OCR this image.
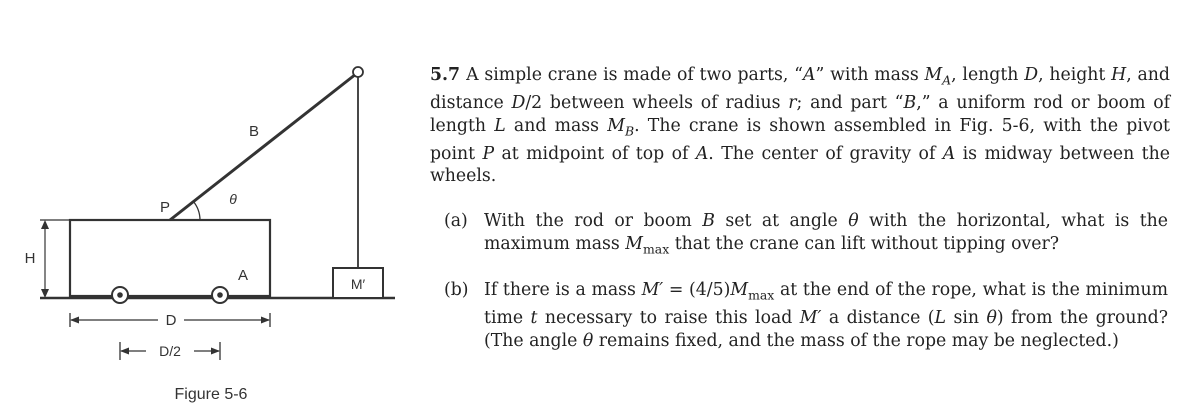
H
P
B
θ
A	M′
D
D/2
Figure 5-6
5.7 A simple crane is made of two parts, “A” with mass $M_A$, length D, height H, and distance D/2 between wheels of radius r; and part “B,” a uniform rod or boom of length L and mass $M_B$. The crane is shown assembled in Fig. 5-6, with the pivot point P at midpoint of top of A. The center of gravity of A is midway between the wheels.
(a) With the rod or boom B set at angle θ with the horizontal, what is the maximum mass $M_{max}$ that the crane can lift without tipping over?
(b) If there is a mass $M' = (4/5)M_{max}$ at the end of the rope, what is the minimum time t necessary to raise this load M′ a distance (L sin θ) from the ground? (The angle θ remains fixed, and the mass of the rope may be neglected.)
